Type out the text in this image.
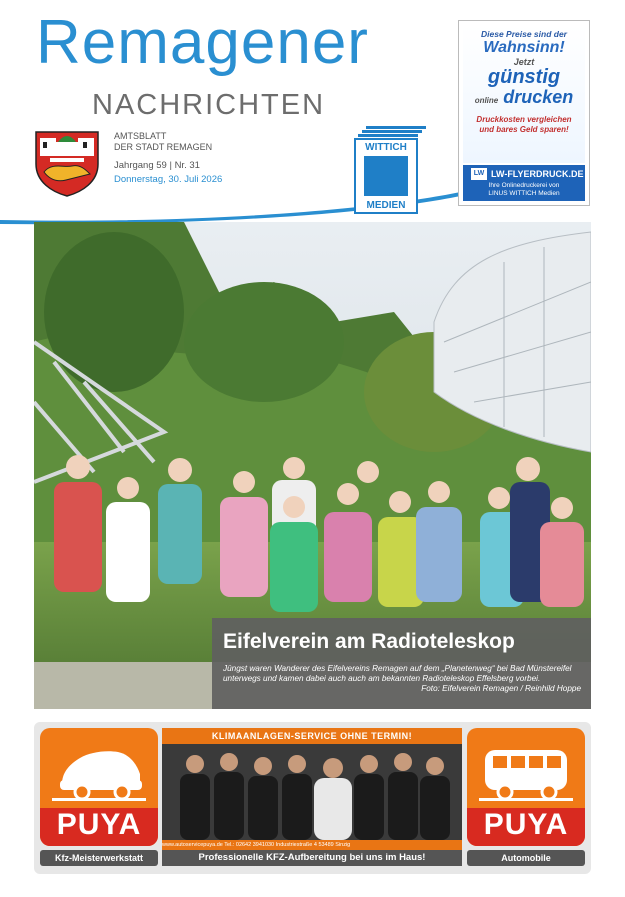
Remagener
NACHRICHTEN
AMTSBLATT
DER STADT REMAGEN
Jahrgang 59 | Nr. 31
Donnerstag, 30. Juli 2026
WITTICH
MEDIEN
Diese Preise sind der
Wahnsinn!
Jetzt
günstig
online drucken
Druckkosten vergleichen
und bares Geld sparen!
LW LW-FLYERDRUCK.DE
Ihre Onlinedruckerei von
LINUS WITTICH Medien
Eifelverein am Radioteleskop
Jüngst waren Wanderer des Eifelvereins Remagen auf dem „Planetenweg“ bei Bad Münstereifel unterwegs und kamen dabei auch auch am bekannten Radioteleskop Effelsberg vorbei.
Foto: Eifelverein Remagen / Reinhild Hoppe
PUYA
Kfz-Meisterwerkstatt
KLIMAANLAGEN-SERVICE OHNE TERMIN!
www.autoservicepuya.de Tel.: 02642 3941030 Industriestraße 4 53489 Sinzig
Professionelle KFZ-Aufbereitung bei uns im Haus!
PUYA
Automobile
